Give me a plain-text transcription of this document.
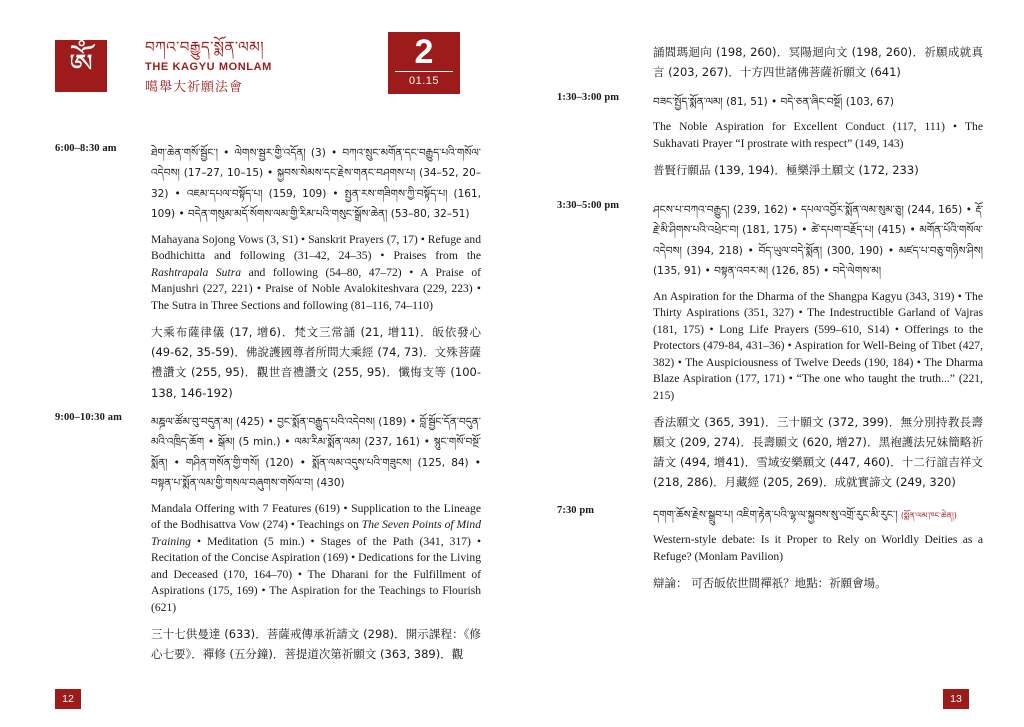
ༀ
བཀའ་བརྒྱུད་སྨོན་ལམ།
THE KAGYU MONLAM
噶舉大祈願法會
2
01.15
6:00–8:30 am	ཐེག་ཆེན་གསོ་སྦྱོང་། • ལེགས་སྦྱར་གྱི་འདོན། (3) • བཀའ་སྲུང་མགོན་དང་བརྒྱུད་པའི་གསོལ་འདེབས། (17–27, 10–15) • སྐྱབས་སེམས་དང་རྗེས་གནང་བཤགས་པ། (34–52, 20–32) • འཇམ་དཔལ་བསྟོད་པ། (159, 109) • སྤྱན་རས་གཟིགས་ཀྱི་བསྟོད་པ། (161, 109) • བདེན་གསུམ་མདོ་སོགས་ལམ་གྱི་རིམ་པའི་གསུང་སྒྲོས་ཆེན། (53–80, 32–51)
Mahayana Sojong Vows (3, S1) • Sanskrit Prayers (7, 17) • Refuge and Bodhichitta and following (31–42, 24–35) • Praises from the Rashtrapala Sutra and following (54–80, 47–72) • A Praise of Manjushri (227, 221) • Praise of Noble Avalokiteshvara (229, 223) • The Sutra in Three Sections and following (81–116, 74–110)
大乘布薩律儀 (17, 增6)．梵文三常誦 (21, 增11)．皈依發心 (49-62, 35-59)．佛說護國尊者所問大乘經 (74, 73)．文殊菩薩禮讚文 (255, 95)．觀世音禮讚文 (255, 95)．懺悔支等 (100-138, 146-192)
9:00–10:30 am	མཎྜལ་ཚོམ་བུ་བདུན་མ། (425) • བྱང་སྨོན་བརྒྱུད་པའི་འདེབས། (189) • བློ་སྦྱོང་དོན་བདུན་མའི་འཁྲིད་ཆོག • སྒོམ། (5 min.) • ལམ་རིམ་སྨོན་ལམ། (237, 161) • སྙུང་གསོ་བསྔོ་སྨོན། • གཤིན་གསོན་གྱི་གསོ། (120) • སྨོན་ལམ་འདུས་པའི་གཟུངས། (125, 84) • བསྟན་པ་སྨོན་ལམ་གྱི་གསལ་བཞུགས་གསོལ་བ། (430)
Mandala Offering with 7 Features (619) • Supplication to the Lineage of the Bodhisattva Vow (274) • Teachings on The Seven Points of Mind Training • Meditation (5 min.) • Stages of the Path (341, 317) • Recitation of the Concise Aspiration (169) • Dedications for the Living and Deceased (170, 164–70) • The Dharani for the Fulfillment of Aspirations (175, 169) • The Aspiration for the Teachings to Flourish (621)
三十七供曼達 (633)．菩薩戒傳承祈請文 (298)．開示課程：《修心七要》．禪修 (五分鐘)．菩提道次第祈願文 (363, 389)．觀
12
誦閻瑪迴向 (198, 260)．冥陽迴向文 (198, 260)．祈願成就真言 (203, 267)．十方四世諸佛菩薩祈願文 (641)
1:30–3:00 pm	བཟང་སྤྱོད་སྨོན་ལམ། (81, 51) • བདེ་ཅན་ཞིང་བསྔོ། (103, 67)
The Noble Aspiration for Excellent Conduct (117, 111) • The Sukhavati Prayer “I prostrate with respect” (149, 143)
普賢行願品 (139, 194)．極樂淨土願文 (172, 233)
3:30–5:00 pm	ཤངས་པ་བཀའ་བརྒྱུད། (239, 162) • དཔལ་འབྱོར་སྨོན་ལམ་སུམ་ཅུ། (244, 165) • རྡོ་རྗེ་མི་ཤིགས་པའི་འཕྲེང་བ། (181, 175) • ཚེ་དཔག་བརྗོད་པ། (415) • མགོན་པོའི་གསོལ་འདེབས། (394, 218) • བོད་ཡུལ་བདེ་སྨོན། (300, 190) • མཛད་པ་བཅུ་གཉིས་ཤིས། (135, 91) • བསྟན་འབར་མ། (126, 85) • བདེ་ལེགས་མ།
An Aspiration for the Dharma of the Shangpa Kagyu (343, 319) • The Thirty Aspirations (351, 327) • The Indestructible Garland of Vajras (181, 175) • Long Life Prayers (599–610, S14) • Offerings to the Protectors (479-84, 431–36) • Aspiration for Well-Being of Tibet (427, 382) • The Auspiciousness of Twelve Deeds (190, 184) • The Dharma Blaze Aspiration (177, 171) • “The one who taught the truth...” (221, 215)
香法願文 (365, 391)．三十願文 (372, 399)．無分別持教長壽願文 (209, 274)．長壽願文 (620, 增27)．黑袍護法兄妹簡略祈請文 (494, 增41)．雪域安樂願文 (447, 460)．十二行誼吉祥文 (218, 286)．月藏經 (205, 269)．成就實諦文 (249, 320)
7:30 pm	དགག་ཆོས་རྗེས་སྒྲུབ་པ། འཇིག་རྟེན་པའི་ལྷ་ལ་སྐྱབས་སུ་འགྲོ་རུང་མི་རུང་། (སྨོན་ལམ་ཁང་ཆེན།)
Western-style debate: Is it Proper to Rely on Worldly Deities as a Refuge? (Monlam Pavilion)
辯論： 可否皈依世間禪祇？地點：祈願會場。
13
